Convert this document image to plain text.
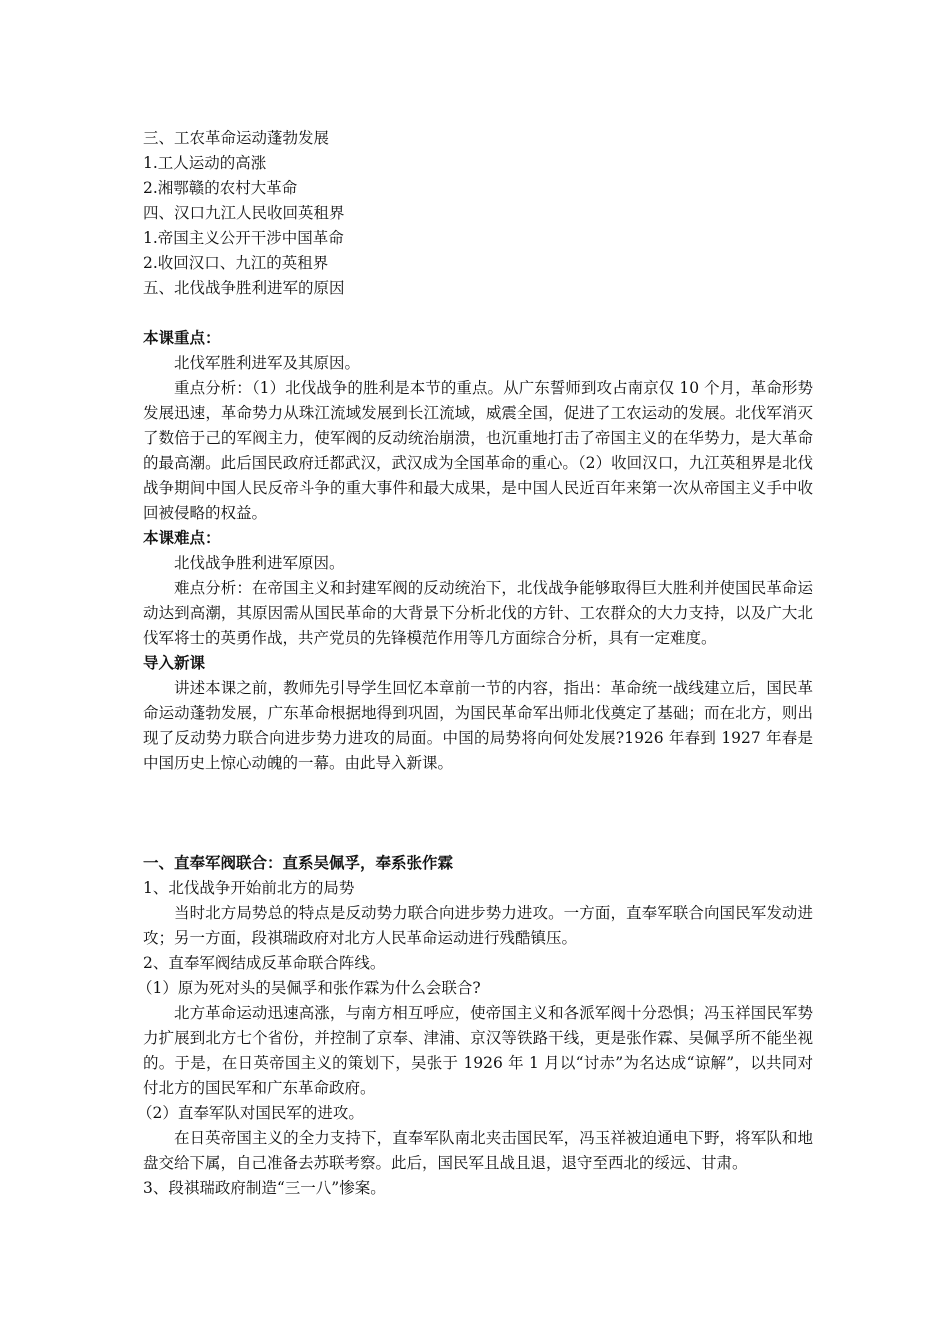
三、工农革命运动蓬勃发展
1.工人运动的高涨
2.湘鄂赣的农村大革命
四、汉口九江人民收回英租界
1.帝国主义公开干涉中国革命
2.收回汉口、九江的英租界
五、北伐战争胜利进军的原因
本课重点：
北伐军胜利进军及其原因。
重点分析：（1）北伐战争的胜利是本节的重点。从广东誓师到攻占南京仅 10 个月，革命形势发展迅速，革命势力从珠江流域发展到长江流域，威震全国，促进了工农运动的发展。北伐军消灭了数倍于己的军阀主力，使军阀的反动统治崩溃，也沉重地打击了帝国主义的在华势力，是大革命的最高潮。此后国民政府迁都武汉，武汉成为全国革命的重心。（2）收回汉口，九江英租界是北伐战争期间中国人民反帝斗争的重大事件和最大成果，是中国人民近百年来第一次从帝国主义手中收回被侵略的权益。
本课难点：
北伐战争胜利进军原因。
难点分析：在帝国主义和封建军阀的反动统治下，北伐战争能够取得巨大胜利并使国民革命运动达到高潮，其原因需从国民革命的大背景下分析北伐的方针、工农群众的大力支持，以及广大北伐军将士的英勇作战，共产党员的先锋模范作用等几方面综合分析，具有一定难度。
导入新课
讲述本课之前，教师先引导学生回忆本章前一节的内容，指出：革命统一战线建立后，国民革命运动蓬勃发展，广东革命根据地得到巩固，为国民革命军出师北伐奠定了基础；而在北方，则出现了反动势力联合向进步势力进攻的局面。中国的局势将向何处发展?1926 年春到 1927 年春是中国历史上惊心动魄的一幕。由此导入新课。
一、直奉军阀联合：直系吴佩孚，奉系张作霖
1、北伐战争开始前北方的局势
当时北方局势总的特点是反动势力联合向进步势力进攻。一方面，直奉军联合向国民军发动进攻；另一方面，段祺瑞政府对北方人民革命运动进行残酷镇压。
2、直奉军阀结成反革命联合阵线。
（1）原为死对头的吴佩孚和张作霖为什么会联合?
北方革命运动迅速高涨，与南方相互呼应，使帝国主义和各派军阀十分恐惧；冯玉祥国民军势力扩展到北方七个省份，并控制了京奉、津浦、京汉等铁路干线，更是张作霖、吴佩孚所不能坐视的。于是，在日英帝国主义的策划下，吴张于 1926 年 1 月以“讨赤”为名达成“谅解”，以共同对付北方的国民军和广东革命政府。
（2）直奉军队对国民军的进攻。
在日英帝国主义的全力支持下，直奉军队南北夹击国民军，冯玉祥被迫通电下野，将军队和地盘交给下属，自己准备去苏联考察。此后，国民军且战且退，退守至西北的绥远、甘肃。
3、段祺瑞政府制造“三一八”惨案。
